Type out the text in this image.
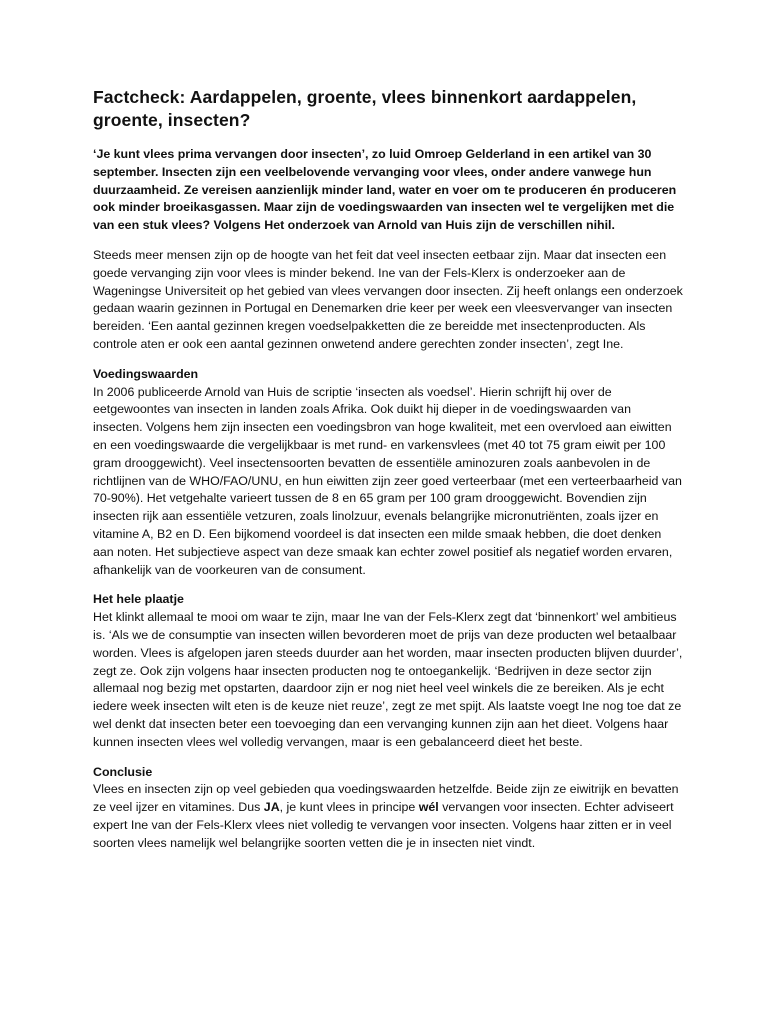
Factcheck: Aardappelen, groente, vlees binnenkort aardappelen, groente, insecten?

‘Je kunt vlees prima vervangen door insecten’, zo luid Omroep Gelderland in een artikel van 30 september. Insecten zijn een veelbelovende vervanging voor vlees, onder andere vanwege hun duurzaamheid. Ze vereisen aanzienlijk minder land, water en voer om te produceren én produceren ook minder broeikasgassen. Maar zijn de voedingswaarden van insecten wel te vergelijken met die van een stuk vlees? Volgens Het onderzoek van Arnold van Huis zijn de verschillen nihil.

Steeds meer mensen zijn op de hoogte van het feit dat veel insecten eetbaar zijn. Maar dat insecten een goede vervanging zijn voor vlees is minder bekend. Ine van der Fels-Klerx is onderzoeker aan de Wageningse Universiteit op het gebied van vlees vervangen door insecten. Zij heeft onlangs een onderzoek gedaan waarin gezinnen in Portugal en Denemarken drie keer per week een vleesvervanger van insecten bereiden. ‘Een aantal gezinnen kregen voedselpakketten die ze bereidde met insectenproducten. Als controle aten er ook een aantal gezinnen onwetend andere gerechten zonder insecten’, zegt Ine.

Voedingswaarden

In 2006 publiceerde Arnold van Huis de scriptie ‘insecten als voedsel’. Hierin schrijft hij over de eetgewoontes van insecten in landen zoals Afrika. Ook duikt hij dieper in de voedingswaarden van insecten. Volgens hem zijn insecten een voedingsbron van hoge kwaliteit, met een overvloed aan eiwitten en een voedingswaarde die vergelijkbaar is met rund- en varkensvlees (met 40 tot 75 gram eiwit per 100 gram drooggewicht). Veel insectensoorten bevatten de essentiële aminozuren zoals aanbevolen in de richtlijnen van de WHO/FAO/UNU, en hun eiwitten zijn zeer goed verteerbaar (met een verteerbaarheid van 70-90%). Het vetgehalte varieert tussen de 8 en 65 gram per 100 gram drooggewicht. Bovendien zijn insecten rijk aan essentiële vetzuren, zoals linolzuur, evenals belangrijke micronutriënten, zoals ijzer en vitamine A, B2 en D. Een bijkomend voordeel is dat insecten een milde smaak hebben, die doet denken aan noten. Het subjectieve aspect van deze smaak kan echter zowel positief als negatief worden ervaren, afhankelijk van de voorkeuren van de consument.

Het hele plaatje

Het klinkt allemaal te mooi om waar te zijn, maar Ine van der Fels-Klerx zegt dat ‘binnenkort’ wel ambitieus is. ‘Als we de consumptie van insecten willen bevorderen moet de prijs van deze producten wel betaalbaar worden. Vlees is afgelopen jaren steeds duurder aan het worden, maar insecten producten blijven duurder’, zegt ze. Ook zijn volgens haar insecten producten nog te ontoegankelijk. ‘Bedrijven in deze sector zijn allemaal nog bezig met opstarten, daardoor zijn er nog niet heel veel winkels die ze bereiken. Als je echt iedere week insecten wilt eten is de keuze niet reuze’, zegt ze met spijt. Als laatste voegt Ine nog toe dat ze wel denkt dat insecten beter een toevoeging dan een vervanging kunnen zijn aan het dieet. Volgens haar kunnen insecten vlees wel volledig vervangen, maar is een gebalanceerd dieet het beste.

Conclusie

Vlees en insecten zijn op veel gebieden qua voedingswaarden hetzelfde. Beide zijn ze eiwitrijk en bevatten ze veel ijzer en vitamines. Dus JA, je kunt vlees in principe wél vervangen voor insecten. Echter adviseert expert Ine van der Fels-Klerx vlees niet volledig te vervangen voor insecten. Volgens haar zitten er in veel soorten vlees namelijk wel belangrijke soorten vetten die je in insecten niet vindt.
